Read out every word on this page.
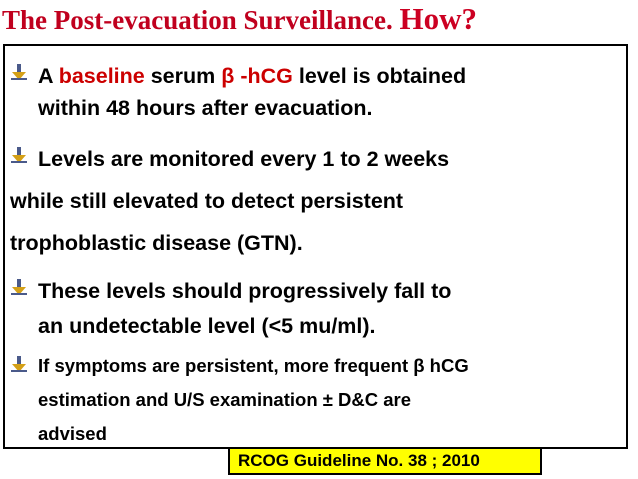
The Post-evacuation Surveillance. How?
A baseline serum β -hCG level is obtained
within 48 hours after evacuation.
Levels are monitored every 1 to 2 weeks
while still elevated to detect persistent
trophoblastic disease (GTN).
These levels should progressively fall to
an undetectable level (<5 mu/ml).
If symptoms are persistent, more frequent β hCG
estimation and U/S examination ± D&C are
advised
RCOG Guideline No. 38 ; 2010
